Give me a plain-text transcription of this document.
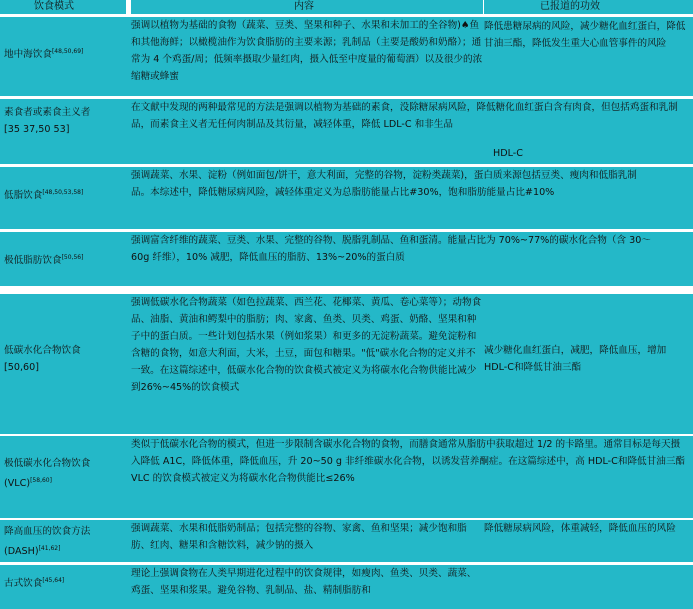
饮食模式	内容	已报道的功效
地中海饮食[48,50,69]
强调以植物为基础的食物（蔬菜、豆类、坚果和种子、水果和未加工的全谷物)♠鱼和其他海鲜；以橄榄油作为饮食脂肪的主要来源；乳制品（主要是酸奶和奶酪）；通常为 4 个鸡蛋/周；低频率摄取少量红肉，摄入低至中度量的葡萄酒）以及很少的浓缩糖或蜂蜜
降低患糖尿病的风险，减少糖化血红蛋白，降低甘油三酯，降低发生重大心血管事件的风险
素食者或素食主义者
[35 37,50 53]
在文献中发现的两种最常见的方法是强调以植物为基础的素食，没除糖尿病风险，降低糖化血红蛋白含有肉食，但包括鸡蛋和乳制品，而素食主义者无任何肉制品及其衍量，减轻体重，降低 LDL-C 和非生品
HDL-C
低脂饮食[48,50,53,58]
强调蔬菜、水果、淀粉（例如面包/饼干，意大利面，完整的谷物，淀粉类蔬菜)，蛋白质来源包括豆类、瘦肉和低脂乳制品。本综述中，降低糖尿病风险，减轻体重定义为总脂肪能量占比#30%，饱和脂肪能量占比#10%
极低脂肪饮食[50,56]
强调富含纤维的蔬菜、豆类、水果、完整的谷物、脱脂乳制品、鱼和蛋清。能量占比为 70%~77%的碳水化合物（含 30～60g 纤维），10% 减肥，降低血压的脂肪、13%~20%的蛋白质
低碳水化合物饮食
[50,60]
强调低碳水化合物蔬菜（如色拉蔬菜、西兰花、花椰菜、黄瓜、卷心菜等）；动物食品、油脂、黄油和鳄梨中的脂肪；肉、家禽、鱼类、贝类、鸡蛋、奶酪、坚果和种子中的蛋白质。一些计划包括水果（例如浆果）和更多的无淀粉蔬菜。避免淀粉和含糖的食物，如意大利面，大米，土豆，面包和糖果。"低"碳水化合物的定义并不一致。在这篇综述中，低碳水化合物的饮食模式被定义为将碳水化合物供能比减少到26%~45%的饮食模式
减少糖化血红蛋白，减肥，降低血压，增加 HDL-C和降低甘油三酯
极低碳水化合物饮食
(VLC)[58,60]
类似于低碳水化合物的模式，但进一步限制含碳水化合物的食物，而膳食通常从脂肪中获取超过 1/2 的卡路里。通常目标是每天摄入降低 A1C，降低体重，降低血压，升 20~50 g 非纤维碳水化合物，以诱发营养酮症。在这篇综述中，高 HDL-C和降低甘油三酯 VLC 的饮食模式被定义为将碳水化合物供能比≤26%
降高血压的饮食方法
(DASH)[41,62]
强调蔬菜、水果和低脂奶制品；包括完整的谷物、家禽、鱼和坚果；减少饱和脂肪、红肉、糖果和含糖饮料，减少钠的摄入
降低糖尿病风险，体重减轻，降低血压的风险
古式饮食[45,64]
理论上强调食物在人类早期进化过程中的饮食规律，如瘦肉、鱼类、贝类、蔬菜、鸡蛋、坚果和浆果。避免谷物、乳制品、盐、精制脂肪和
